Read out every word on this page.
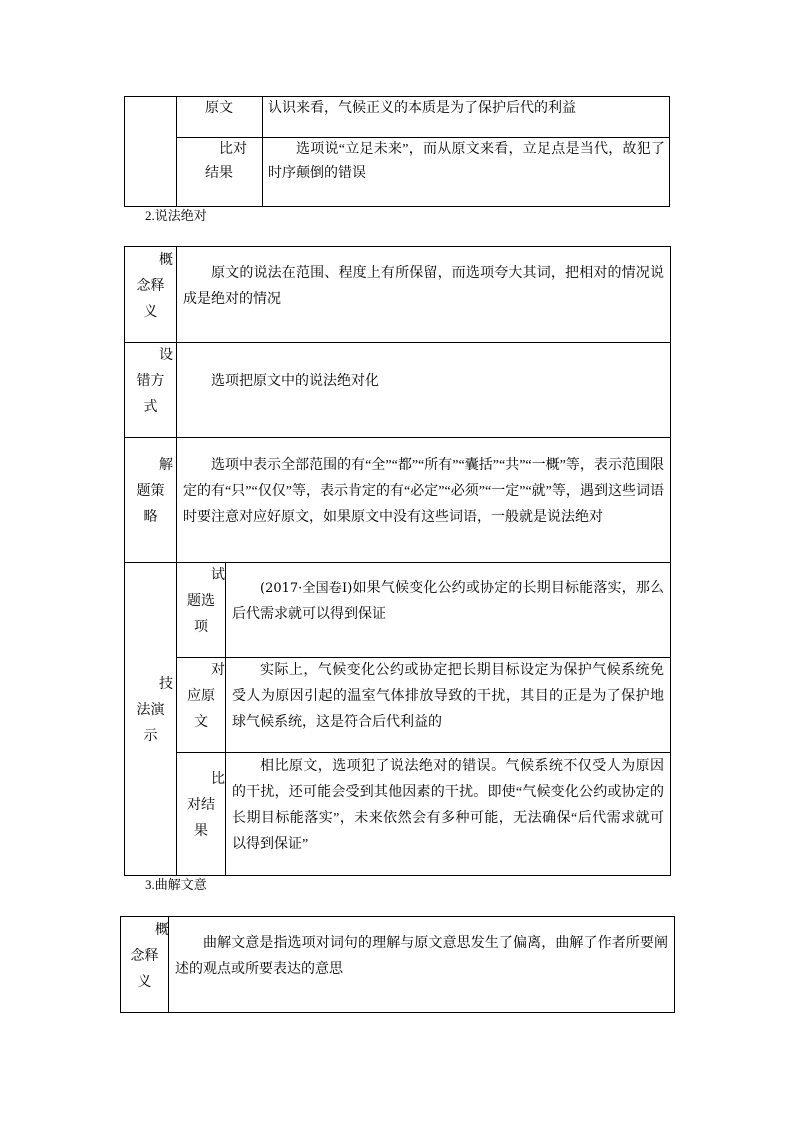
	原文	认识来看，气候正义的本质是为了保护后代的利益
	比对结果	选项说“立足未来”，而从原文来看，立足点是当代，故犯了时序颠倒的错误
2.说法绝对
概念释义	原文的说法在范围、程度上有所保留，而选项夸大其词，把相对的情况说成是绝对的情况	
设错方式	选项把原文中的说法绝对化	
解题策略	选项中表示全部范围的有“全”“都”“所有”“囊括”“共”“一概”等，表示范围限定的有“只”“仅仅”等，表示肯定的有“必定”“必须”“一定”“就”等，遇到这些词语时要注意对应好原文，如果原文中没有这些词语，一般就是说法绝对	
技法演示	试题选项	(2017·全国卷Ⅰ)如果气候变化公约或协定的长期目标能落实，那么后代需求就可以得到保证
	对应原文	实际上，气候变化公约或协定把长期目标设定为保护气候系统免受人为原因引起的温室气体排放导致的干扰，其目的正是为了保护地球气候系统，这是符合后代利益的
	比对结果	相比原文，选项犯了说法绝对的错误。气候系统不仅受人为原因的干扰，还可能会受到其他因素的干扰。即使“气候变化公约或协定的长期目标能落实”，未来依然会有多种可能，无法确保“后代需求就可以得到保证”
3.曲解文意
概念释义	曲解文意是指选项对词句的理解与原文意思发生了偏离，曲解了作者所要阐述的观点或所要表达的意思
